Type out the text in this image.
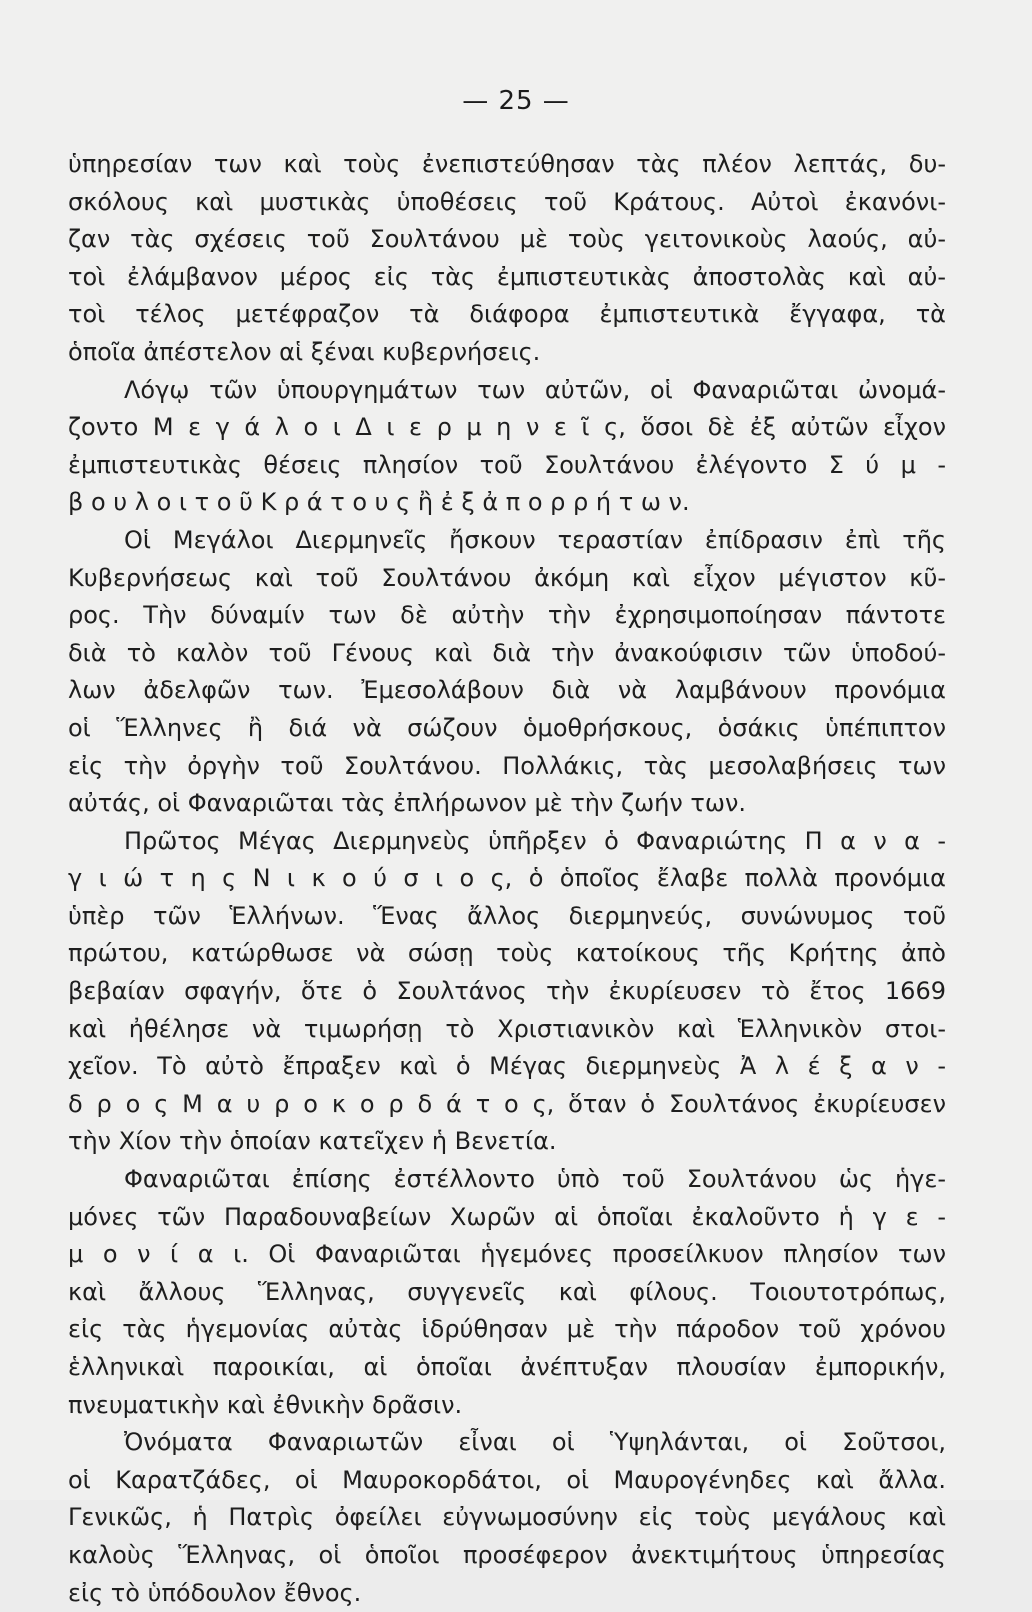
— 25 —
ὑπηρεσίαν των καὶ τοὺς ἐνεπιστεύθησαν τὰς πλέον λεπτάς, δυ-
σκόλους καὶ μυστικὰς ὑποθέσεις τοῦ Κράτους. Αὐτοὶ ἐκανόνι-
ζαν τὰς σχέσεις τοῦ Σουλτάνου μὲ τοὺς γειτονικοὺς λαούς, αὐ-
τοὶ ἐλάμβανον μέρος εἰς τὰς ἐμπιστευτικὰς ἀποστολὰς καὶ αὐ-
τοὶ τέλος μετέφραζον τὰ διάφορα ἐμπιστευτικὰ ἔγγαφα, τὰ
ὁποῖα ἀπέστελον αἱ ξέναι κυβερνήσεις.
Λόγῳ τῶν ὑπουργημάτων των αὐτῶν, οἱ Φαναριῶται ὠνομά-
ζοντο Μ ε γ ά λ ο ι Δ ι ε ρ μ η ν ε ῖ ς, ὅσοι δὲ ἐξ αὐτῶν εἶχον
ἐμπιστευτικὰς θέσεις πλησίον τοῦ Σουλτάνου ἐλέγοντο Σ ύ μ -
β ο υ λ ο ι τ ο ῦ Κ ρ ά τ ο υ ς ἢ ἐ ξ ἀ π ο ρ ρ ή τ ω ν.
Οἱ Μεγάλοι Διερμηνεῖς ἤσκουν τεραστίαν ἐπίδρασιν ἐπὶ τῆς
Κυβερνήσεως καὶ τοῦ Σουλτάνου ἀκόμη καὶ εἶχον μέγιστον κῦ-
ρος. Τὴν δύναμίν των δὲ αὐτὴν τὴν ἐχρησιμοποίησαν πάντοτε
διὰ τὸ καλὸν τοῦ Γένους καὶ διὰ τὴν ἀνακούφισιν τῶν ὑποδού-
λων ἀδελφῶν των. Ἐμεσολάβουν διὰ νὰ λαμβάνουν προνόμια
οἱ Ἕλληνες ἢ διά νὰ σώζουν ὁμοθρήσκους, ὁσάκις ὑπέπιπτον
εἰς τὴν ὀργὴν τοῦ Σουλτάνου. Πολλάκις, τὰς μεσολαβήσεις των
αὐτάς, οἱ Φαναριῶται τὰς ἐπλήρωνον μὲ τὴν ζωήν των.
Πρῶτος Μέγας Διερμηνεὺς ὑπῆρξεν ὁ Φαναριώτης Π α ν α -
γ ι ώ τ η ς Ν ι κ ο ύ σ ι ο ς, ὁ ὁποῖος ἔλαβε πολλὰ προνόμια
ὑπὲρ τῶν Ἑλλήνων. Ἕνας ἄλλος διερμηνεύς, συνώνυμος τοῦ
πρώτου, κατώρθωσε νὰ σώσῃ τοὺς κατοίκους τῆς Κρήτης ἀπὸ
βεβαίαν σφαγήν, ὅτε ὁ Σουλτάνος τὴν ἐκυρίευσεν τὸ ἔτος 1669
καὶ ἠθέλησε νὰ τιμωρήσῃ τὸ Χριστιανικὸν καὶ Ἑλληνικὸν στοι-
χεῖον. Τὸ αὐτὸ ἔπραξεν καὶ ὁ Μέγας διερμηνεὺς Ἀ λ έ ξ α ν -
δ ρ ο ς Μ α υ ρ ο κ ο ρ δ ά τ ο ς, ὅταν ὁ Σουλτάνος ἐκυρίευσεν
τὴν Χίον τὴν ὁποίαν κατεῖχεν ἡ Βενετία.
Φαναριῶται ἐπίσης ἐστέλλοντο ὑπὸ τοῦ Σουλτάνου ὡς ἡγε-
μόνες τῶν Παραδουναβείων Χωρῶν αἱ ὁποῖαι ἐκαλοῦντο ἡ γ ε -
μ ο ν ί α ι. Οἱ Φαναριῶται ἡγεμόνες προσείλκυον πλησίον των
καὶ ἄλλους Ἕλληνας, συγγενεῖς καὶ φίλους. Τοιουτοτρόπως,
εἰς τὰς ἡγεμονίας αὐτὰς ἱδρύθησαν μὲ τὴν πάροδον τοῦ χρόνου
ἑλληνικαὶ παροικίαι, αἱ ὁποῖαι ἀνέπτυξαν πλουσίαν ἐμπορικήν,
πνευματικὴν καὶ ἐθνικὴν δρᾶσιν.
Ὀνόματα Φαναριωτῶν εἶναι οἱ Ὑψηλάνται, οἱ Σοῦτσοι,
οἱ Καρατζάδες, οἱ Μαυροκορδάτοι, οἱ Μαυρογένηδες καὶ ἄλλα.
Γενικῶς, ἡ Πατρὶς ὀφείλει εὐγνωμοσύνην εἰς τοὺς μεγάλους καὶ
καλοὺς Ἕλληνας, οἱ ὁποῖοι προσέφερον ἀνεκτιμήτους ὑπηρεσίας
εἰς τὸ ὑπόδουλον ἔθνος.
